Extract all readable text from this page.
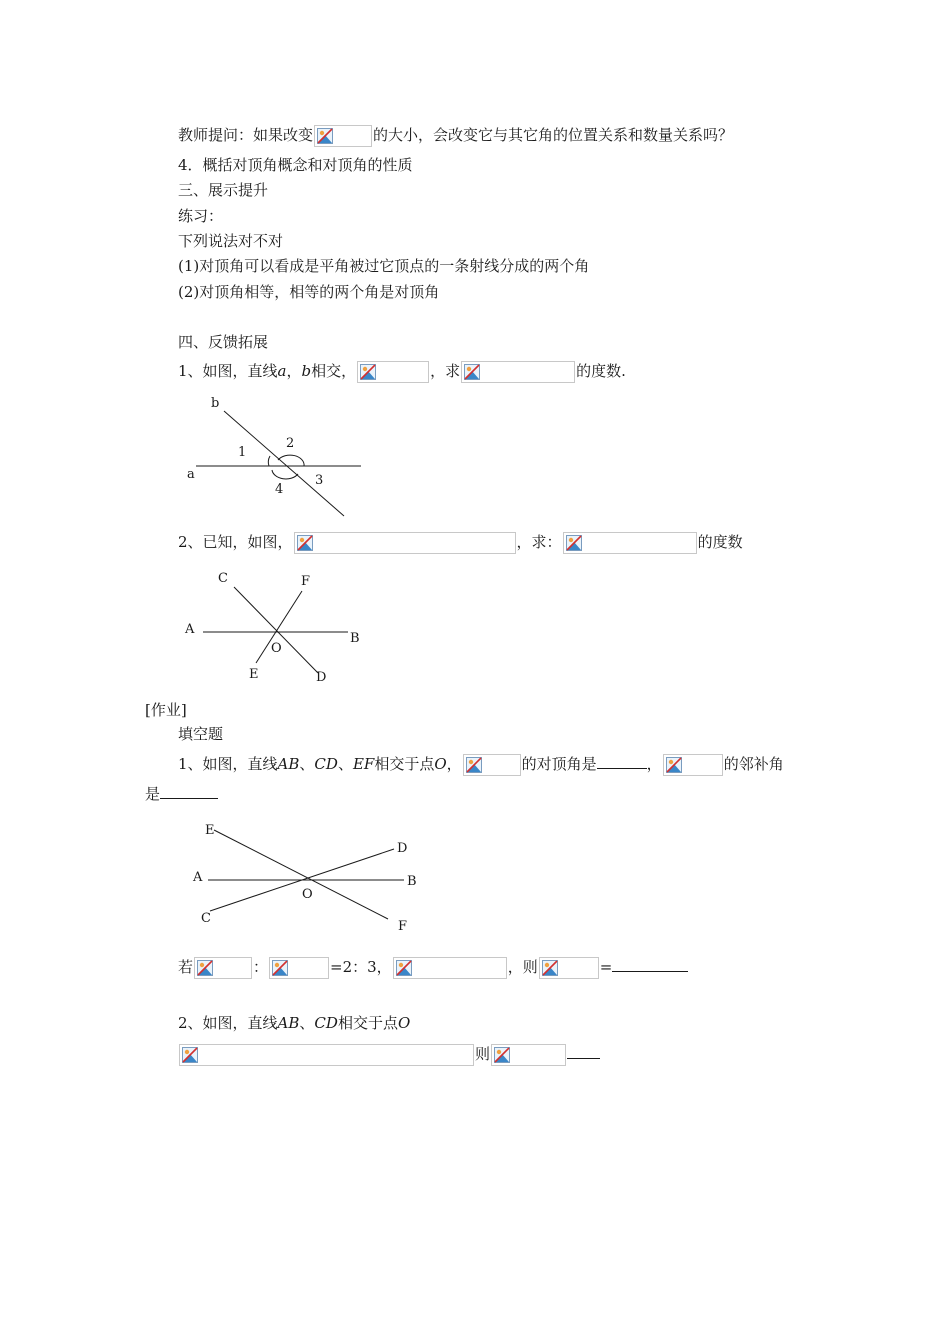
教师提问：如果改变	的大小，会改变它与其它角的位置关系和数量关系吗？
4．概括对顶角概念和对顶角的性质
三、展示提升
练习：
下列说法对不对
(1)对顶角可以看成是平角被过它顶点的一条射线分成的两个角
(2)对顶角相等，相等的两个角是对顶角
四、反馈拓展
1、如图，直线a，b相交，	，求	的度数.
b
1
2
a
4
3
2、已知，如图，	，求：	的度数
C	F
A
B
O
E	D
[作业]
填空题
1、如图，直线AB、CD、EF相交于点O，	的对顶角是	，	的邻补角
是
E
D
A	B
O
C
F
若	：	=2：3，	，则	=
2、如图，直线AB、CD相交于点O
则
